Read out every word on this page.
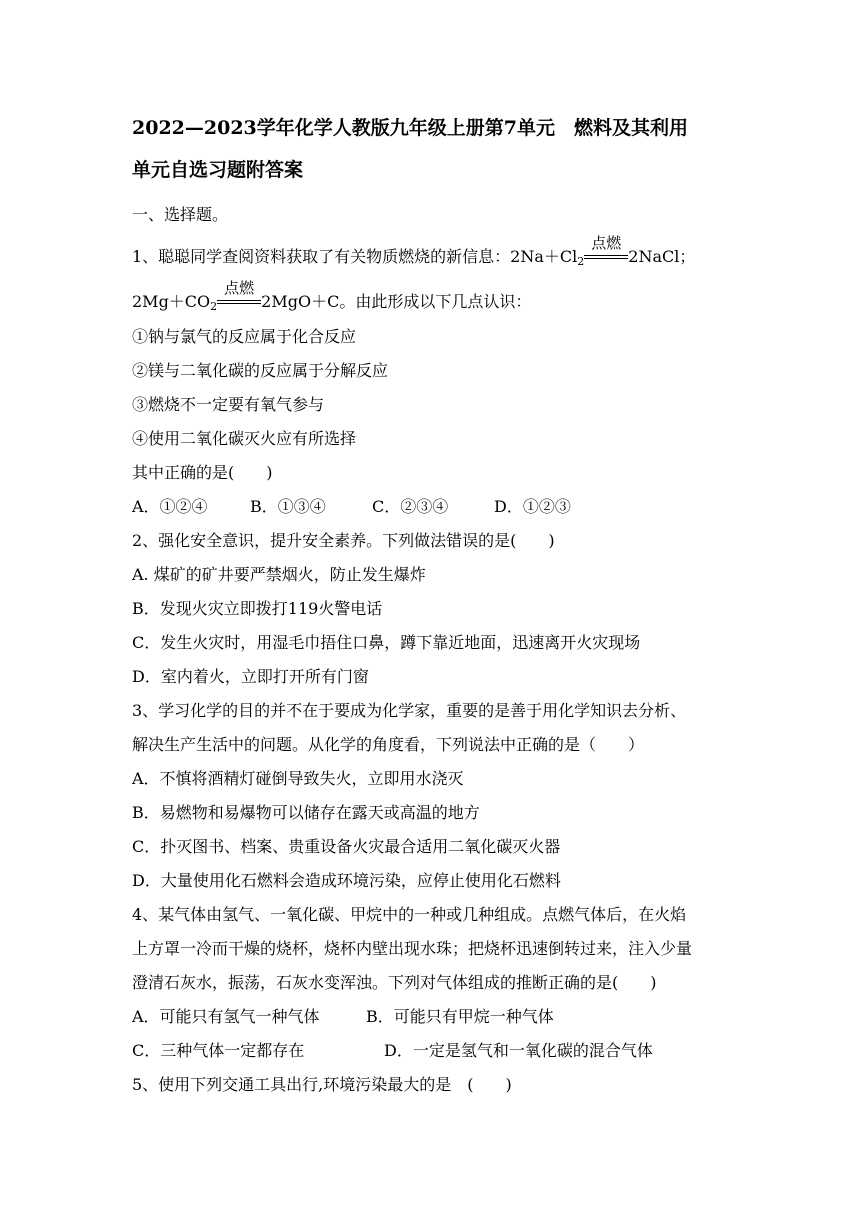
2022—2023学年化学人教版九年级上册第7单元　燃料及其利用
单元自选习题附答案
一、选择题。
1、聪聪同学查阅资料获取了有关物质燃烧的新信息：$2Na+Cl_2$
点燃
2NaCl；
$2Mg+CO_2$
点燃
2MgO＋C。由此形成以下几点认识：
①钠与氯气的反应属于化合反应
②镁与二氧化碳的反应属于分解反应
③燃烧不一定要有氧气参与
④使用二氧化碳灭火应有所选择
其中正确的是(　　)
A．①②④	B．①③④	C．②③④	D．①②③
2、强化安全意识，提升安全素养。下列做法错误的是(　　)
A. 煤矿的矿井要严禁烟火，防止发生爆炸
B．发现火灾立即拨打119火警电话
C．发生火灾时，用湿毛巾捂住口鼻，蹲下靠近地面，迅速离开火灾现场
D．室内着火，立即打开所有门窗
3、学习化学的目的并不在于要成为化学家，重要的是善于用化学知识去分析、
解决生产生活中的问题。从化学的角度看，下列说法中正确的是（　　）
A．不慎将酒精灯碰倒导致失火，立即用水浇灭
B．易燃物和易爆物可以储存在露天或高温的地方
C．扑灭图书、档案、贵重设备火灾最合适用二氧化碳灭火器
D．大量使用化石燃料会造成环境污染，应停止使用化石燃料
4、某气体由氢气、一氧化碳、甲烷中的一种或几种组成。点燃气体后，在火焰
上方罩一冷而干燥的烧杯，烧杯内壁出现水珠；把烧杯迅速倒转过来，注入少量
澄清石灰水，振荡，石灰水变浑浊。下列对气体组成的推断正确的是(　　)
A．可能只有氢气一种气体	B．可能只有甲烷一种气体
C．三种气体一定都存在	D．一定是氢气和一氧化碳的混合气体
5、使用下列交通工具出行,环境污染最大的是　(　　)
